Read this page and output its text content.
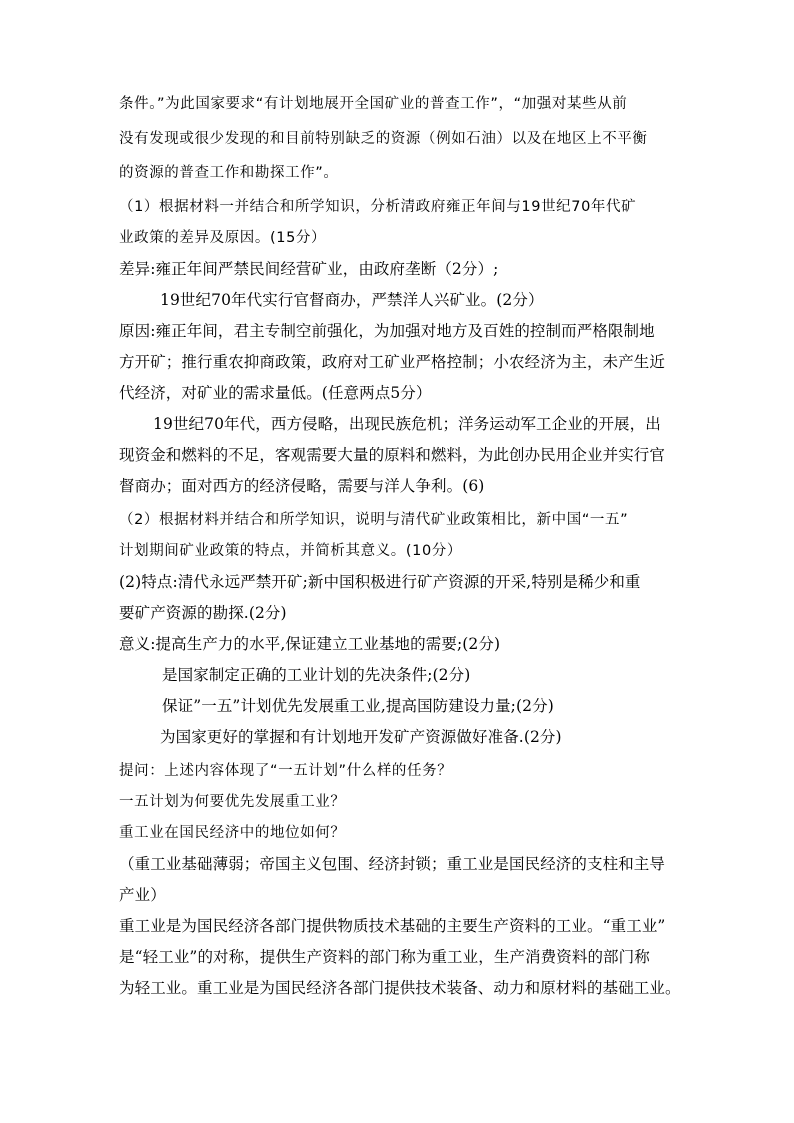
条件。”为此国家要求“有计划地展开全国矿业的普查工作”，“加强对某些从前
没有发现或很少发现的和目前特别缺乏的资源（例如石油）以及在地区上不平衡
的资源的普查工作和勘探工作”。
（1）根据材料一并结合和所学知识，分析清政府雍正年间与19世纪70年代矿
业政策的差异及原因。(15分）
差异:雍正年间严禁民间经营矿业，由政府垄断（2分）;
19世纪70年代实行官督商办，严禁洋人兴矿业。(2分）
原因:雍正年间，君主专制空前强化，为加强对地方及百姓的控制而严格限制地
方开矿；推行重农抑商政策，政府对工矿业严格控制；小农经济为主，未产生近
代经济，对矿业的需求量低。(任意两点5分）
19世纪70年代，西方侵略，出现民族危机；洋务运动军工企业的开展，出
现资金和燃料的不足，客观需要大量的原料和燃料，为此创办民用企业并实行官
督商办；面对西方的经济侵略，需要与洋人争利。(6)
（2）根据材料并结合和所学知识，说明与清代矿业政策相比，新中国“一五”
计划期间矿业政策的特点，并简析其意义。(10分）
(2)特点:清代永远严禁开矿;新中国积极进行矿产资源的开采,特别是稀少和重
要矿产资源的勘探.(2分)
意义:提高生产力的水平,保证建立工业基地的需要;(2分)
是国家制定正确的工业计划的先决条件;(2分)
保证”一五”计划优先发展重工业,提高国防建设力量;(2分)
为国家更好的掌握和有计划地开发矿产资源做好准备.(2分)
提问：上述内容体现了“一五计划”什么样的任务？
一五计划为何要优先发展重工业？
重工业在国民经济中的地位如何？
（重工业基础薄弱；帝国主义包围、经济封锁；重工业是国民经济的支柱和主导
产业）
重工业是为国民经济各部门提供物质技术基础的主要生产资料的工业。“重工业”
是“轻工业”的对称，提供生产资料的部门称为重工业，生产消费资料的部门称
为轻工业。重工业是为国民经济各部门提供技术装备、动力和原材料的基础工业。
